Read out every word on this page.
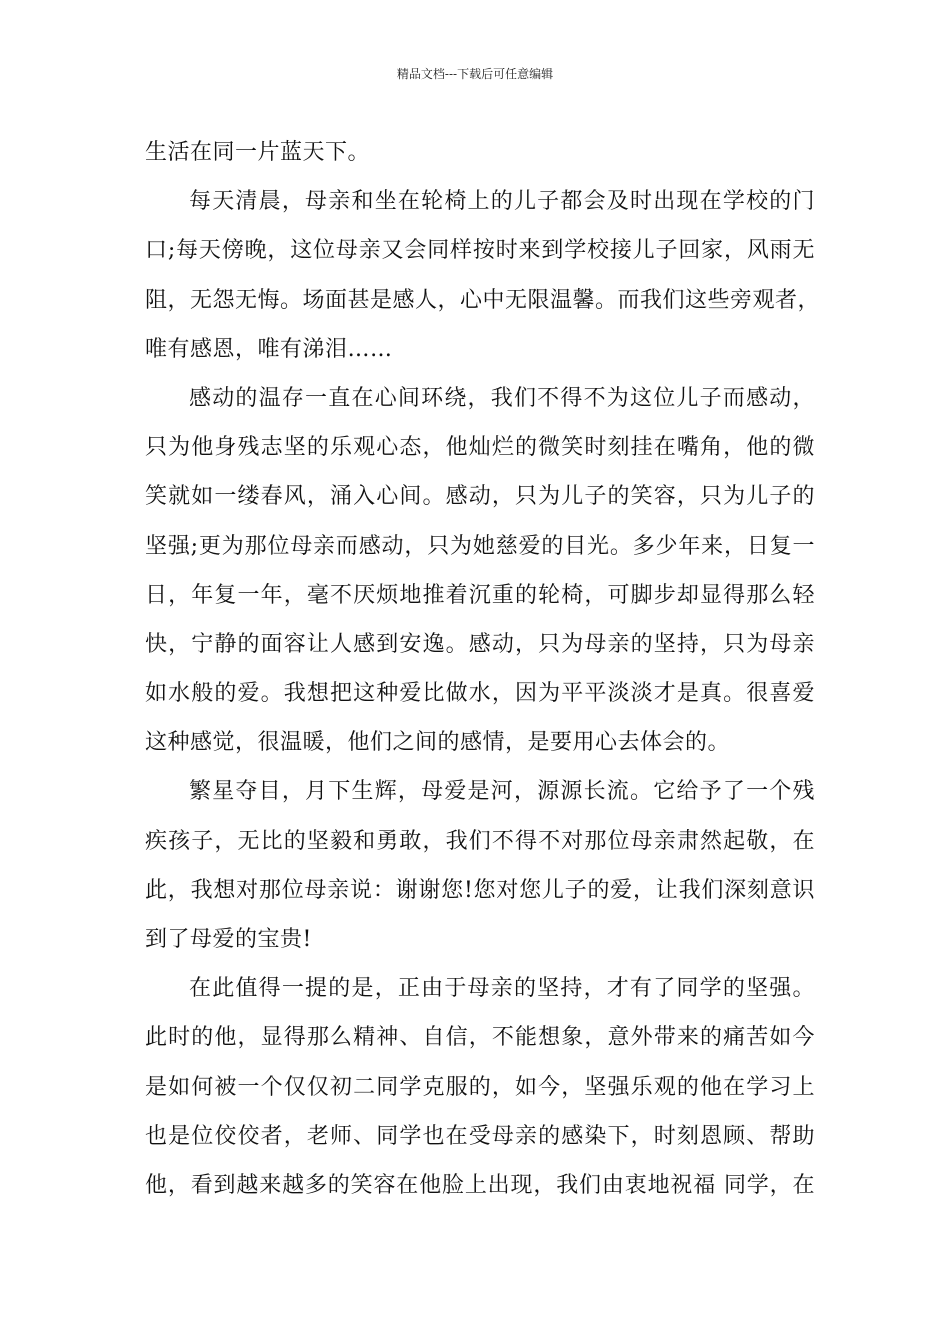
精品文档---下载后可任意编辑
生活在同一片蓝天下。
每天清晨，母亲和坐在轮椅上的儿子都会及时出现在学校的门
口;每天傍晚，这位母亲又会同样按时来到学校接儿子回家，风雨无
阻，无怨无悔。场面甚是感人，心中无限温馨。而我们这些旁观者，
唯有感恩，唯有涕泪……
感动的温存一直在心间环绕，我们不得不为这位儿子而感动，
只为他身残志坚的乐观心态，他灿烂的微笑时刻挂在嘴角，他的微
笑就如一缕春风，涌入心间。感动，只为儿子的笑容，只为儿子的
坚强;更为那位母亲而感动，只为她慈爱的目光。多少年来，日复一
日，年复一年，毫不厌烦地推着沉重的轮椅，可脚步却显得那么轻
快，宁静的面容让人感到安逸。感动，只为母亲的坚持，只为母亲
如水般的爱。我想把这种爱比做水，因为平平淡淡才是真。很喜爱
这种感觉，很温暖，他们之间的感情，是要用心去体会的。
繁星夺目，月下生辉，母爱是河，源源长流。它给予了一个残
疾孩子，无比的坚毅和勇敢，我们不得不对那位母亲肃然起敬，在
此，我想对那位母亲说：谢谢您!您对您儿子的爱，让我们深刻意识
到了母爱的宝贵!
在此值得一提的是，正由于母亲的坚持，才有了同学的坚强。
此时的他，显得那么精神、自信，不能想象，意外带来的痛苦如今
是如何被一个仅仅初二同学克服的，如今，坚强乐观的他在学习上
也是位佼佼者，老师、同学也在受母亲的感染下，时刻恩顾、帮助
他，看到越来越多的笑容在他脸上出现，我们由衷地祝福 同学，在
